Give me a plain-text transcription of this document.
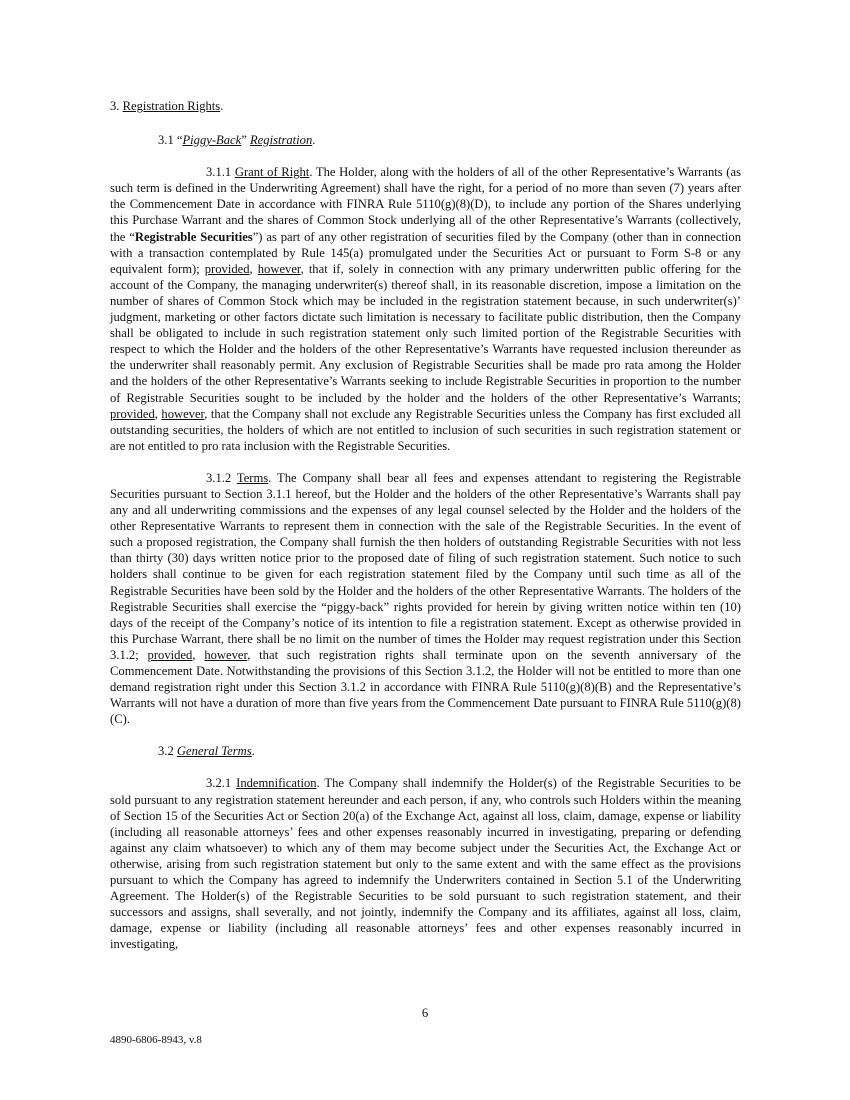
3. Registration Rights.
3.1 “Piggy-Back” Registration.

3.1.1 Grant of Right. The Holder, along with the holders of all of the other Representative’s Warrants (as such term is defined in the Underwriting Agreement) shall have the right, for a period of no more than seven (7) years after the Commencement Date in accordance with FINRA Rule 5110(g)(8)(D), to include any portion of the Shares underlying this Purchase Warrant and the shares of Common Stock underlying all of the other Representative’s Warrants (collectively, the “Registrable Securities”) as part of any other registration of securities filed by the Company (other than in connection with a transaction contemplated by Rule 145(a) promulgated under the Securities Act or pursuant to Form S-8 or any equivalent form); provided, however, that if, solely in connection with any primary underwritten public offering for the account of the Company, the managing underwriter(s) thereof shall, in its reasonable discretion, impose a limitation on the number of shares of Common Stock which may be included in the registration statement because, in such underwriter(s)’ judgment, marketing or other factors dictate such limitation is necessary to facilitate public distribution, then the Company shall be obligated to include in such registration statement only such limited portion of the Registrable Securities with respect to which the Holder and the holders of the other Representative’s Warrants have requested inclusion thereunder as the underwriter shall reasonably permit. Any exclusion of Registrable Securities shall be made pro rata among the Holder and the holders of the other Representative’s Warrants seeking to include Registrable Securities in proportion to the number of Registrable Securities sought to be included by the holder and the holders of the other Representative’s Warrants; provided, however, that the Company shall not exclude any Registrable Securities unless the Company has first excluded all outstanding securities, the holders of which are not entitled to inclusion of such securities in such registration statement or are not entitled to pro rata inclusion with the Registrable Securities.

3.1.2 Terms. The Company shall bear all fees and expenses attendant to registering the Registrable Securities pursuant to Section 3.1.1 hereof, but the Holder and the holders of the other Representative’s Warrants shall pay any and all underwriting commissions and the expenses of any legal counsel selected by the Holder and the holders of the other Representative Warrants to represent them in connection with the sale of the Registrable Securities. In the event of such a proposed registration, the Company shall furnish the then holders of outstanding Registrable Securities with not less than thirty (30) days written notice prior to the proposed date of filing of such registration statement. Such notice to such holders shall continue to be given for each registration statement filed by the Company until such time as all of the Registrable Securities have been sold by the Holder and the holders of the other Representative Warrants. The holders of the Registrable Securities shall exercise the “piggy-back” rights provided for herein by giving written notice within ten (10) days of the receipt of the Company’s notice of its intention to file a registration statement. Except as otherwise provided in this Purchase Warrant, there shall be no limit on the number of times the Holder may request registration under this Section 3.1.2; provided, however, that such registration rights shall terminate upon on the seventh anniversary of the Commencement Date. Notwithstanding the provisions of this Section 3.1.2, the Holder will not be entitled to more than one demand registration right under this Section 3.1.2 in accordance with FINRA Rule 5110(g)(8)(B) and the Representative’s Warrants will not have a duration of more than five years from the Commencement Date pursuant to FINRA Rule 5110(g)(8)(C).

3.2 General Terms.

3.2.1 Indemnification. The Company shall indemnify the Holder(s) of the Registrable Securities to be sold pursuant to any registration statement hereunder and each person, if any, who controls such Holders within the meaning of Section 15 of the Securities Act or Section 20(a) of the Exchange Act, against all loss, claim, damage, expense or liability (including all reasonable attorneys’ fees and other expenses reasonably incurred in investigating, preparing or defending against any claim whatsoever) to which any of them may become subject under the Securities Act, the Exchange Act or otherwise, arising from such registration statement but only to the same extent and with the same effect as the provisions pursuant to which the Company has agreed to indemnify the Underwriters contained in Section 5.1 of the Underwriting Agreement. The Holder(s) of the Registrable Securities to be sold pursuant to such registration statement, and their successors and assigns, shall severally, and not jointly, indemnify the Company and its affiliates, against all loss, claim, damage, expense or liability (including all reasonable attorneys’ fees and other expenses reasonably incurred in investigating,

6
4890-6806-8943, v.8
